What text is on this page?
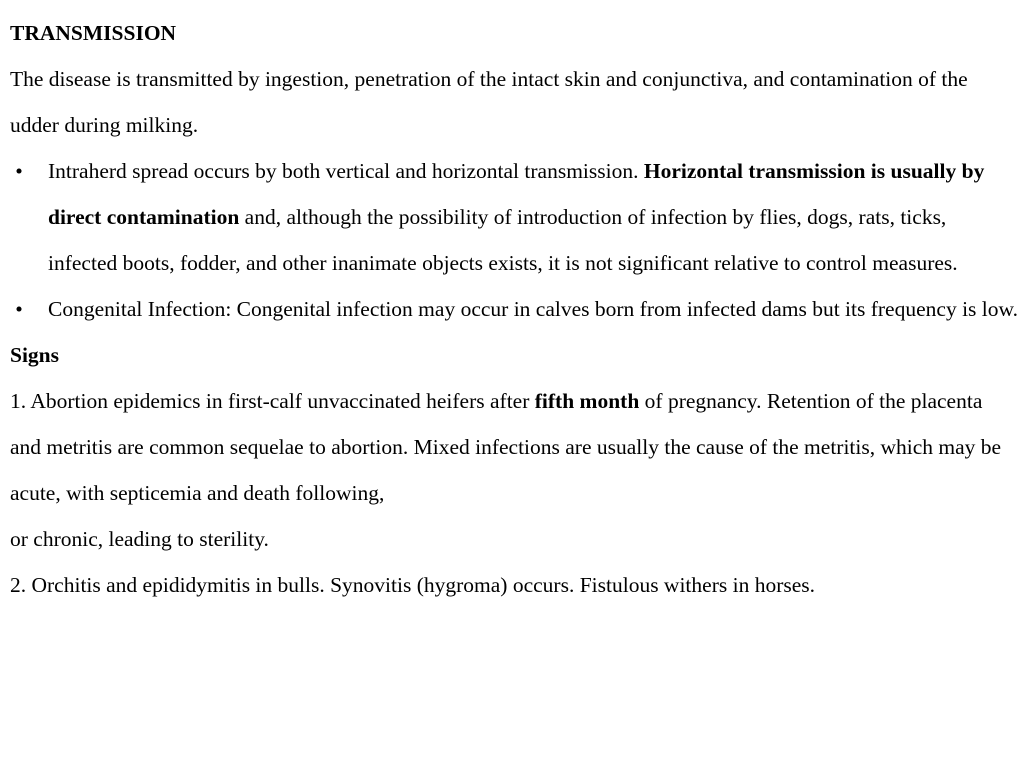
TRANSMISSION

The disease is transmitted by ingestion, penetration of the intact skin and conjunctiva, and contamination of the udder during milking.

• Intraherd spread occurs by both vertical and horizontal transmission. Horizontal transmission is usually by direct contamination and, although the possibility of introduction of infection by flies, dogs, rats, ticks, infected boots, fodder, and other inanimate objects exists, it is not significant relative to control measures.
• Congenital Infection: Congenital infection may occur in calves born from infected dams but its frequency is low.

Signs

1. Abortion epidemics in first-calf unvaccinated heifers after fifth month of pregnancy. Retention of the placenta and metritis are common sequelae to abortion. Mixed infections are usually the cause of the metritis, which may be acute, with septicemia and death following,
or chronic, leading to sterility.

2. Orchitis and epididymitis in bulls. Synovitis (hygroma) occurs. Fistulous withers in horses.
